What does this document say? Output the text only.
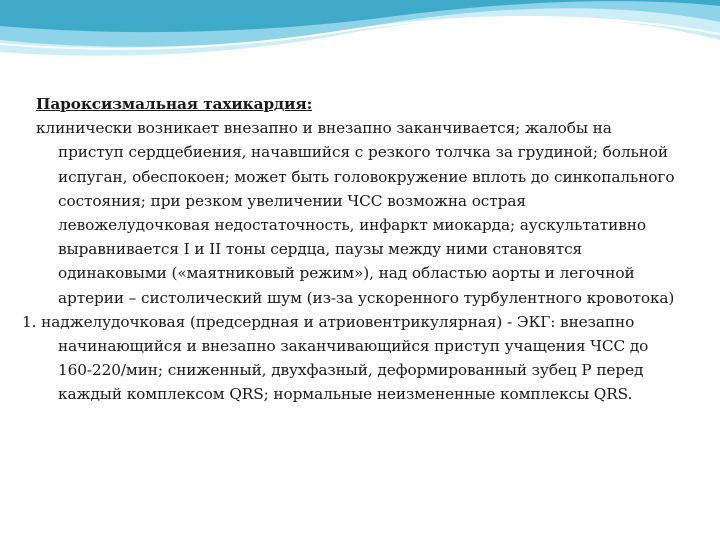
Пароксизмальная тахикардия:
клинически возникает внезапно и внезапно заканчивается; жалобы на приступ сердцебиения, начавшийся с резкого толчка за грудиной; больной испуган, обеспокоен; может быть головокружение вплоть до синкопального состояния; при резком увеличении ЧСС возможна острая левожелудочковая недостаточность, инфаркт миокарда; аускультативно выравнивается I и II тоны сердца, паузы между ними становятся одинаковыми («маятниковый режим»), над областью аорты и легочной артерии – систолический шум (из-за ускоренного турбулентного кровотока)
1. наджелудочковая (предсердная и атриовентрикулярная) - ЭКГ: внезапно начинающийся и внезапно заканчивающийся приступ учащения ЧСС до 160-220/мин; сниженный, двухфазный, деформированный зубец Р перед каждый комплексом QRS; нормальные неизмененные комплексы QRS.
